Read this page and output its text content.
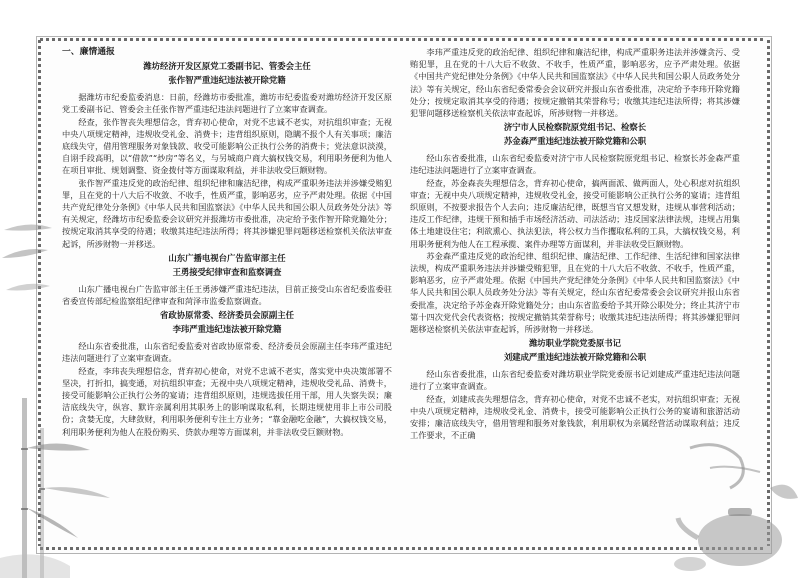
一、廉情通报
潍坊经济开发区原党工委副书记、管委会主任
张作智严重违纪违法被开除党籍

据潍坊市纪委监委消息：日前，经潍坊市委批准，潍坊市纪委监委对潍坊经济开发区原党工委副书记、管委会主任张作智严重违纪违法问题进行了立案审查调查。

经查，张作智丧失理想信念，背弃初心使命，对党不忠诚不老实，对抗组织审查；无视中央八项规定精神，违规收受礼金、消费卡；违背组织原则，隐瞒不报个人有关事项；廉洁底线失守，借用管理服务对象钱款、收受可能影响公正执行公务的消费卡；党法意识淡漠，自诩手段高明，以“借款”“炒房”等名义，与另城商户商大搞权钱交易，利用职务便利为他人在项目审批、规划调整、资金拨付等方面谋取利益，并非法收受巨额财物。

张作智严重违反党的政治纪律、组织纪律和廉洁纪律，构成严重职务违法并涉嫌受贿犯罪，且在党的十八大后不收敛、不收手，性质严重，影响恶劣，应予严肃处理。依据《中国共产党纪律处分条例》《中华人民共和国监察法》《中华人民共和国公职人员政务处分法》等有关规定，经潍坊市纪委监委会议研究并报潍坊市委批准，决定给予张作智开除党籍处分；按规定取消其享受的待遇；收缴其违纪违法所得；将其涉嫌犯罪问题移送检察机关依法审查起诉，所涉财物一并移送。

山东广播电视台广告监审部主任
王勇接受纪律审查和监察调查

山东广播电视台广告监审部主任王勇涉嫌严重违纪违法，目前正接受山东省纪委监委驻省委宣传部纪检监察组纪律审查和菏泽市监委监察调查。

省政协原常委、经济委员会原副主任
李玮严重违纪违法被开除党籍

经山东省委批准，山东省纪委监委对省政协原常委、经济委员会原副主任李玮严重违纪违法问题进行了立案审查调查。

经查，李玮丧失理想信念，背弃初心使命，对党不忠诚不老实，落实党中央决策部署不坚决，打折扣，搞变通，对抗组织审查；无视中央八项规定精神，违规收受礼品、消费卡，接受可能影响公正执行公务的宴请；违背组织原则，违规选拔任用干部，用人失察失误；廉洁底线失守，纵容、默许亲属利用其职务上的影响谋取私利，长期违规使用非上市公司股份；贪婪无度，大肆敛财，利用职务便利专注土方业务；“靠金融吃金融”，大搞权钱交易，利用职务便利为他人在股份购买、贷款办理等方面谋利，并非法收受巨额财物。

李玮严重违反党的政治纪律、组织纪律和廉洁纪律，构成严重职务违法并涉嫌贪污、受贿犯罪，且在党的十八大后不收敛、不收手，性质严重，影响恶劣，应予严肃处理。依据《中国共产党纪律处分条例》《中华人民共和国监察法》《中华人民共和国公职人员政务处分法》等有关规定，经山东省纪委常委会会议研究并报山东省委批准，决定给予李玮开除党籍处分；按规定取消其享受的待遇；按规定撤销其荣誉称号；收缴其违纪违法所得；将其涉嫌犯罪问题移送检察机关依法审查起诉，所涉财物一并移送。

济宁市人民检察院原党组书记、检察长
苏金森严重违纪违法被开除党籍和公职

经山东省委批准，山东省纪委监委对济宁市人民检察院原党组书记、检察长苏金森严重违纪违法问题进行了立案审查调查。

经查，苏金森丧失理想信念，背弃初心使命，搞两面派、做两面人，处心积虑对抗组织审查；无视中央八项规定精神，违规收受礼金，接受可能影响公正执行公务的宴请；违背组织原则，不按要求报告个人去向；违反廉洁纪律，既想当官又想发财，违规从事营利活动；违反工作纪律，违规干预和插手市场经济活动、司法活动；违反国家法律法规，违规占用集体土地建设住宅；利欲熏心、执法犯法，将公权力当作攫取私利的工具，大搞权钱交易，利用职务便利为他人在工程承揽、案件办理等方面谋利，并非法收受巨额财物。

苏金森严重违反党的政治纪律、组织纪律、廉洁纪律、工作纪律、生活纪律和国家法律法规，构成严重职务违法并涉嫌受贿犯罪，且在党的十八大后不收敛、不收手，性质严重，影响恶劣，应予严肃处理。依据《中国共产党纪律处分条例》《中华人民共和国监察法》《中华人民共和国公职人员政务处分法》等有关规定，经山东省纪委常委会会议研究并报山东省委批准，决定给予苏金森开除党籍处分；由山东省监委给予其开除公职处分；终止其济宁市第十四次党代会代表资格；按规定撤销其荣誉称号；收缴其违纪违法所得；将其涉嫌犯罪问题移送检察机关依法审查起诉，所涉财物一并移送。

潍坊职业学院党委原书记
刘建成严重违纪违法被开除党籍和公职

经山东省委批准，山东省纪委监委对潍坊职业学院党委原书记刘建成严重违纪违法问题进行了立案审查调查。

经查，刘建成丧失理想信念，背弃初心使命，对党不忠诚不老实，对抗组织审查；无视中央八项规定精神，违规收受礼金、消费卡，接受可能影响公正执行公务的宴请和旅游活动安排；廉洁底线失守，借用管理和服务对象钱款，利用职权为亲属经营活动谋取利益；违反工作要求，不正确
